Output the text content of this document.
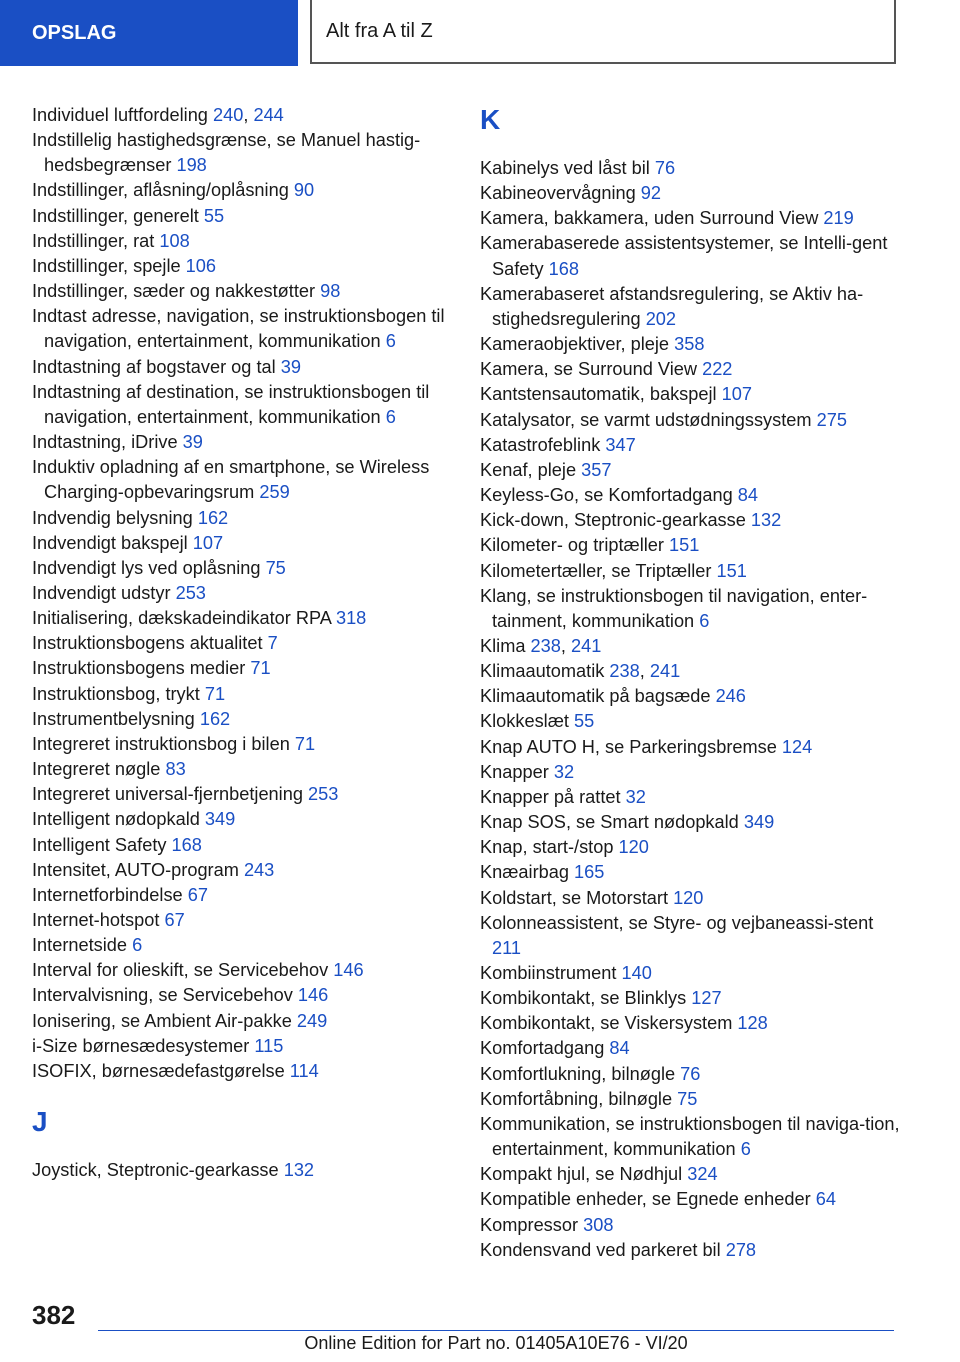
OPSLAG	Alt fra A til Z
Individuel luftfordeling 240, 244
Indstillelig hastighedsgrænse, se Manuel hastig-hedsbegrænser 198
Indstillinger, aflåsning/oplåsning 90
Indstillinger, generelt 55
Indstillinger, rat 108
Indstillinger, spejle 106
Indstillinger, sæder og nakkestøtter 98
Indtast adresse, navigation, se instruktionsbogen til navigation, entertainment, kommunikation 6
Indtastning af bogstaver og tal 39
Indtastning af destination, se instruktionsbogen til navigation, entertainment, kommunikation 6
Indtastning, iDrive 39
Induktiv opladning af en smartphone, se Wireless Charging-opbevaringsrum 259
Indvendig belysning 162
Indvendigt bakspejl 107
Indvendigt lys ved oplåsning 75
Indvendigt udstyr 253
Initialisering, dækskadeindikator RPA 318
Instruktionsbogens aktualitet 7
Instruktionsbogens medier 71
Instruktionsbog, trykt 71
Instrumentbelysning 162
Integreret instruktionsbog i bilen 71
Integreret nøgle 83
Integreret universal-fjernbetjening 253
Intelligent nødopkald 349
Intelligent Safety 168
Intensitet, AUTO-program 243
Internetforbindelse 67
Internet-hotspot 67
Internetside 6
Interval for olieskift, se Servicebehov 146
Intervalvisning, se Servicebehov 146
Ionisering, se Ambient Air-pakke 249
i-Size børnesædesystemer 115
ISOFIX, børnesædefastgørelse 114
J
Joystick, Steptronic-gearkasse 132
K
Kabinelys ved låst bil 76
Kabineovervågning 92
Kamera, bakkamera, uden Surround View 219
Kamerabaserede assistentsystemer, se Intelli-gent Safety 168
Kamerabaseret afstandsregulering, se Aktiv ha-stighedsregulering 202
Kameraobjektiver, pleje 358
Kamera, se Surround View 222
Kantstensautomatik, bakspejl 107
Katalysator, se varmt udstødningssystem 275
Katastrofeblink 347
Kenaf, pleje 357
Keyless-Go, se Komfortadgang 84
Kick-down, Steptronic-gearkasse 132
Kilometer- og triptæller 151
Kilometertæller, se Triptæller 151
Klang, se instruktionsbogen til navigation, enter-tainment, kommunikation 6
Klima 238, 241
Klimaautomatik 238, 241
Klimaautomatik på bagsæde 246
Klokkeslæt 55
Knap AUTO H, se Parkeringsbremse 124
Knapper 32
Knapper på rattet 32
Knap SOS, se Smart nødopkald 349
Knap, start-/stop 120
Knæairbag 165
Koldstart, se Motorstart 120
Kolonneassistent, se Styre- og vejbaneassi-stent 211
Kombiinstrument 140
Kombikontakt, se Blinklys 127
Kombikontakt, se Viskersystem 128
Komfortadgang 84
Komfortlukning, bilnøgle 76
Komfortåbning, bilnøgle 75
Kommunikation, se instruktionsbogen til naviga-tion, entertainment, kommunikation 6
Kompakt hjul, se Nødhjul 324
Kompatible enheder, se Egnede enheder 64
Kompressor 308
Kondensvand ved parkeret bil 278
382
Online Edition for Part no. 01405A10E76 - VI/20
